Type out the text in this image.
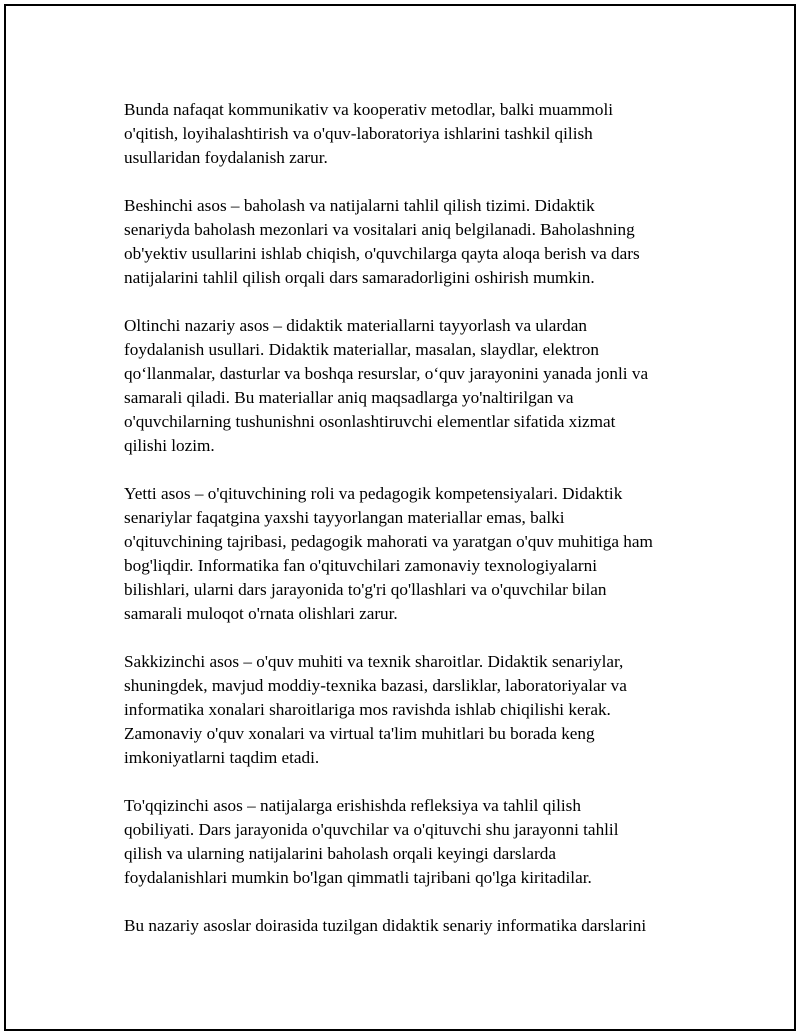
Bunda nafaqat kommunikativ va kooperativ metodlar, balki muammoli
o'qitish, loyihalashtirish va o'quv-laboratoriya ishlarini tashkil qilish
usullaridan foydalanish zarur.

Beshinchi asos – baholash va natijalarni tahlil qilish tizimi. Didaktik
senariyda baholash mezonlari va vositalari aniq belgilanadi. Baholashning
ob'yektiv usullarini ishlab chiqish, o'quvchilarga qayta aloqa berish va dars
natijalarini tahlil qilish orqali dars samaradorligini oshirish mumkin.

Oltinchi nazariy asos – didaktik materiallarni tayyorlash va ulardan
foydalanish usullari. Didaktik materiallar, masalan, slaydlar, elektron
qo‘llanmalar, dasturlar va boshqa resurslar, o‘quv jarayonini yanada jonli va
samarali qiladi. Bu materiallar aniq maqsadlarga yo'naltirilgan va
o'quvchilarning tushunishni osonlashtiruvchi elementlar sifatida xizmat
qilishi lozim.

Yetti asos – o'qituvchining roli va pedagogik kompetensiyalari. Didaktik
senariylar faqatgina yaxshi tayyorlangan materiallar emas, balki
o'qituvchining tajribasi, pedagogik mahorati va yaratgan o'quv muhitiga ham
bog'liqdir. Informatika fan o'qituvchilari zamonaviy texnologiyalarni
bilishlari, ularni dars jarayonida to'g'ri qo'llashlari va o'quvchilar bilan
samarali muloqot o'rnata olishlari zarur.

Sakkizinchi asos – o'quv muhiti va texnik sharoitlar. Didaktik senariylar,
shuningdek, mavjud moddiy-texnika bazasi, darsliklar, laboratoriyalar va
informatika xonalari sharoitlariga mos ravishda ishlab chiqilishi kerak.
Zamonaviy o'quv xonalari va virtual ta'lim muhitlari bu borada keng
imkoniyatlarni taqdim etadi.

To'qqizinchi asos – natijalarga erishishda refleksiya va tahlil qilish
qobiliyati. Dars jarayonida o'quvchilar va o'qituvchi shu jarayonni tahlil
qilish va ularning natijalarini baholash orqali keyingi darslarda
foydalanishlari mumkin bo'lgan qimmatli tajribani qo'lga kiritadilar.

Bu nazariy asoslar doirasida tuzilgan didaktik senariy informatika darslarini
